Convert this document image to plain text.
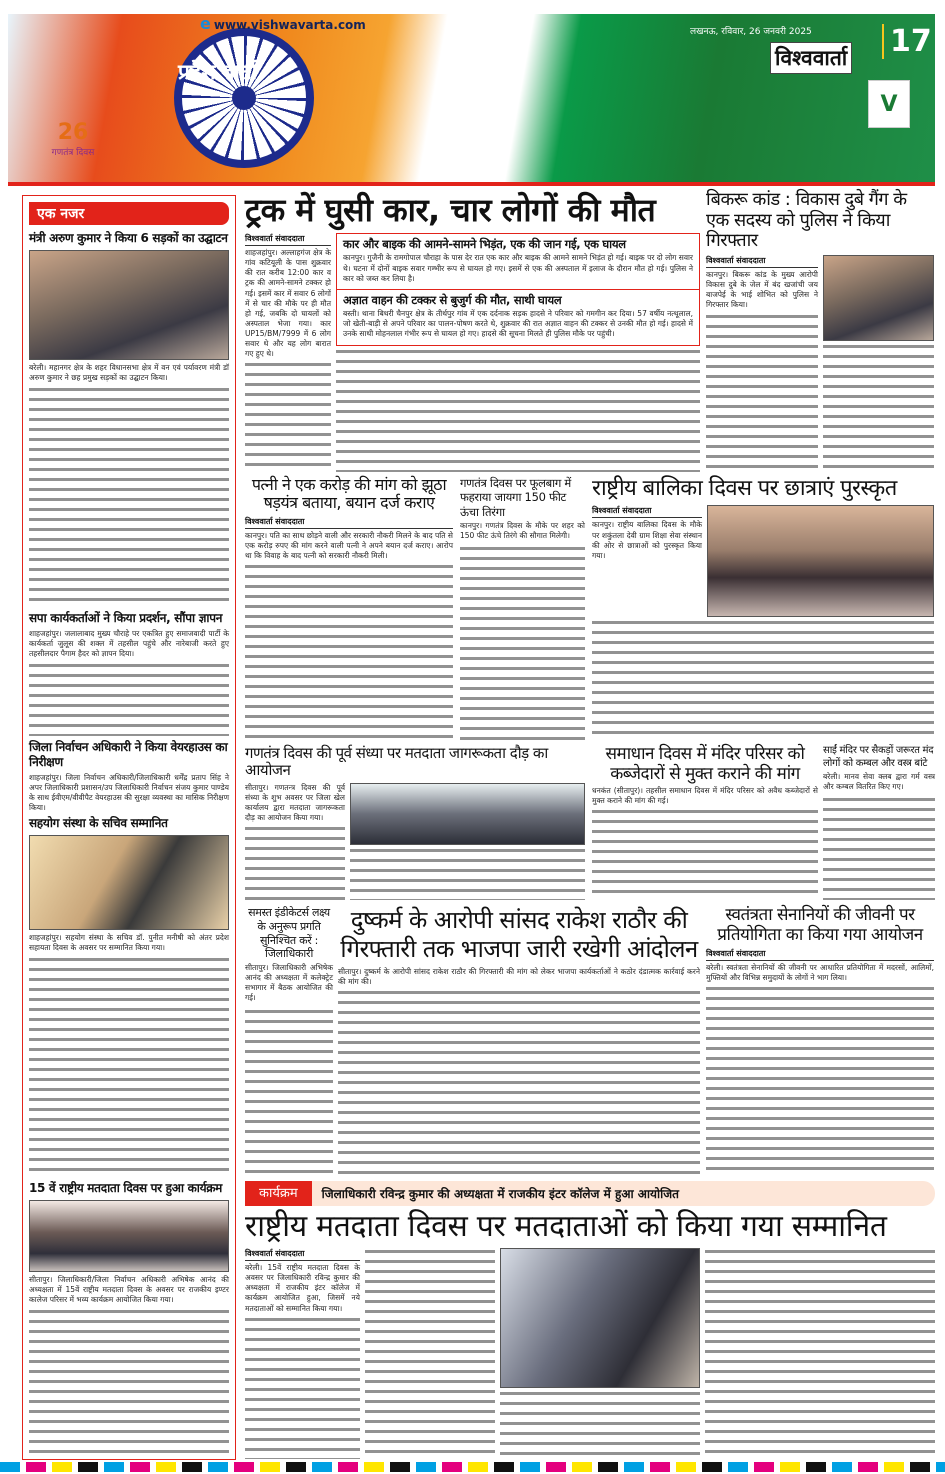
e www.vishwavarta.com
प्रदेश वार्ता
26
गणतंत्र दिवस
लखनऊ, रविवार, 26 जनवरी 2025
विश्ववार्ता 17
V
एक नजर
मंत्री अरुण कुमार ने किया 6 सड़कों का उद्घाटन
बरेली। महानगर क्षेत्र के शहर विधानसभा क्षेत्र में वन एवं पर्यावरण मंत्री डॉ अरुण कुमार ने छह प्रमुख सड़कों का उद्घाटन किया।
सपा कार्यकर्ताओं ने किया प्रदर्शन, सौंपा ज्ञापन
शाहजहांपुर। जलालाबाद मुख्य चौराहे पर एकत्रित हुए समाजवादी पार्टी के कार्यकर्ता जुलूस की शक्ल में तहसील पहुंचे और नारेबाजी करते हुए तहसीलदार पैगाम हैदर को ज्ञापन दिया।
जिला निर्वाचन अधिकारी ने किया वेयरहाउस का निरीक्षण
शाहजहांपुर। जिला निर्वाचन अधिकारी/जिलाधिकारी धर्मेंद्र प्रताप सिंह ने अपर जिलाधिकारी प्रशासन/उप जिलाधिकारी निर्वाचन संजय कुमार पाण्डेय के साथ ईवीएम/वीवीपैट वेयरहाउस की सुरक्षा व्यवस्था का मासिक निरीक्षण किया।
सहयोग संस्था के सचिव सम्मानित
शाहजहांपुर। सहयोग संस्था के सचिव डॉ. पुनीत मनीषी को अंतर प्रदेश सहायता दिवस के अवसर पर सम्मानित किया गया।
15 वें राष्ट्रीय मतदाता दिवस पर हुआ कार्यक्रम
सीतापुर। जिलाधिकारी/जिला निर्वाचन अधिकारी अभिषेक आनंद की अध्यक्षता में 15वें राष्ट्रीय मतदाता दिवस के अवसर पर राजकीय इण्टर कालेज परिसर में भव्य कार्यक्रम आयोजित किया गया।
ट्रक में घुसी कार, चार लोगों की मौत
विश्ववार्ता संवाददाता
शाहजहांपुर। अल्लाहगंज क्षेत्र के गांव कटियूली के पास शुक्रवार की रात करीब 12:00 कार व ट्रक की आमने-सामने टक्कर हो गई। इसमें कार में सवार 6 लोगों में से चार की मौके पर ही मौत हो गई, जबकि दो घायलों को अस्पताल भेजा गया। कार UP15/BM/7999 में 6 लोग सवार थे और यह लोग बारात गए हुए थे।
कार और बाइक की आमने-सामने भिड़ंत, एक की जान गई, एक घायल
कानपुर। गुजैनी के रामगोपाल चौराहा के पास देर रात एक कार और बाइक की आमने सामने भिड़ंत हो गई। बाइक पर दो लोग सवार थे। घटना में दोनों बाइक सवार गम्भीर रूप से घायल हो गए। इसमें से एक की अस्पताल में इलाज के दौरान मौत हो गई। पुलिस ने कार को जब्त कर लिया है।
अज्ञात वाहन की टक्कर से बुजुर्ग की मौत, साथी घायल
बस्ती। थाना बिथरी चैनपुर क्षेत्र के तीर्थपुर गांव में एक दर्दनाक सड़क हादसे ने परिवार को गमगीन कर दिया। 57 वर्षीय नत्थूलाल, जो खेती-बाड़ी से अपने परिवार का पालन-पोषण करते थे, शुक्रवार की रात अज्ञात वाहन की टक्कर से उनकी मौत हो गई। हादसे में उनके साथी मोहनलाल गंभीर रूप से घायल हो गए। हादसे की सूचना मिलते ही पुलिस मौके पर पहुंची।
बिकरू कांड : विकास दुबे गैंग के एक सदस्य को पुलिस ने किया गिरफ्तार
विश्ववार्ता संवाददाता
कानपुर। बिकरू कांड के मुख्य आरोपी विकास दुबे के जेल में बंद खजांची जय बाजपेई के भाई शोभित को पुलिस ने गिरफ्तार किया।
पत्नी ने एक करोड़ की मांग को झूठा षड़यंत्र बताया, बयान दर्ज कराए
विश्ववार्ता संवाददाता
कानपुर। पति का साथ छोड़ने वाली और सरकारी नौकरी मिलने के बाद पति से एक करोड़ रुपए की मांग करने वाली पत्नी ने अपने बयान दर्ज कराए। आरोप था कि विवाह के बाद पत्नी को सरकारी नौकरी मिली।
गणतंत्र दिवस पर फूलबाग में फहराया जायगा 150 फीट ऊंचा तिरंगा
कानपुर। गणतंत्र दिवस के मौके पर शहर को 150 फीट ऊंचे तिरंगे की सौगात मिलेगी।
राष्ट्रीय बालिका दिवस पर छात्राएं पुरस्कृत
विश्ववार्ता संवाददाता
कानपुर। राष्ट्रीय बालिका दिवस के मौके पर शकुंतला देवी ग्राम शिक्षा सेवा संस्थान की ओर से छात्राओं को पुरस्कृत किया गया।
गणतंत्र दिवस की पूर्व संध्या पर मतदाता जागरूकता दौड़ का आयोजन
सीतापुर। गणतन्त्र दिवस की पूर्व संध्या के शुभ अवसर पर जिला खेल कार्यालय द्वारा मतदाता जागरूकता दौड़ का आयोजन किया गया।
समाधान दिवस में मंदिर परिसर को कब्जेदारों से मुक्त कराने की मांग
धनकंत (सीतापुर)। तहसील समाधान दिवस में मंदिर परिसर को अवैध कब्जेदारों से मुक्त कराने की मांग की गई।
साईं मंदिर पर सैकड़ों जरूरत मंद लोगों को कम्बल और वस्त्र बांटे
बरेली। मानव सेवा क्लब द्वारा गर्म वस्त्र और कम्बल वितरित किए गए।
समस्त इंडीकेटर्स लक्ष्य के अनुरूप प्रगति सुनिश्चित करें : जिलाधिकारी
सीतापुर। जिलाधिकारी अभिषेक आनंद की अध्यक्षता में कलेक्ट्रेट सभागार में बैठक आयोजित की गई।
दुष्कर्म के आरोपी सांसद राकेश राठौर की गिरफ्तारी तक भाजपा जारी रखेगी आंदोलन
सीतापुर। दुष्कर्म के आरोपी सांसद राकेश राठौर की गिरफ्तारी की मांग को लेकर भाजपा कार्यकर्ताओं ने कठोर दंडात्मक कार्रवाई करने की मांग की।
स्वतंत्रता सेनानियों की जीवनी पर प्रतियोगिता का किया गया आयोजन
विश्ववार्ता संवाददाता
बरेली। स्वतंत्रता सेनानियों की जीवनी पर आधारित प्रतियोगिता में मदरसों, आलिमों, मुफ्तियों और विभिन्न समुदायों के लोगों ने भाग लिया।
कार्यक्रम	जिलाधिकारी रविन्द्र कुमार की अध्यक्षता में राजकीय इंटर कॉलेज में हुआ आयोजित
राष्ट्रीय मतदाता दिवस पर मतदाताओं को किया गया सम्मानित
विश्ववार्ता संवाददाता
बरेली। 15वें राष्ट्रीय मतदाता दिवस के अवसर पर जिलाधिकारी रविन्द्र कुमार की अध्यक्षता में राजकीय इंटर कॉलेज में कार्यक्रम आयोजित हुआ, जिसमें नये मतदाताओं को सम्मानित किया गया।
